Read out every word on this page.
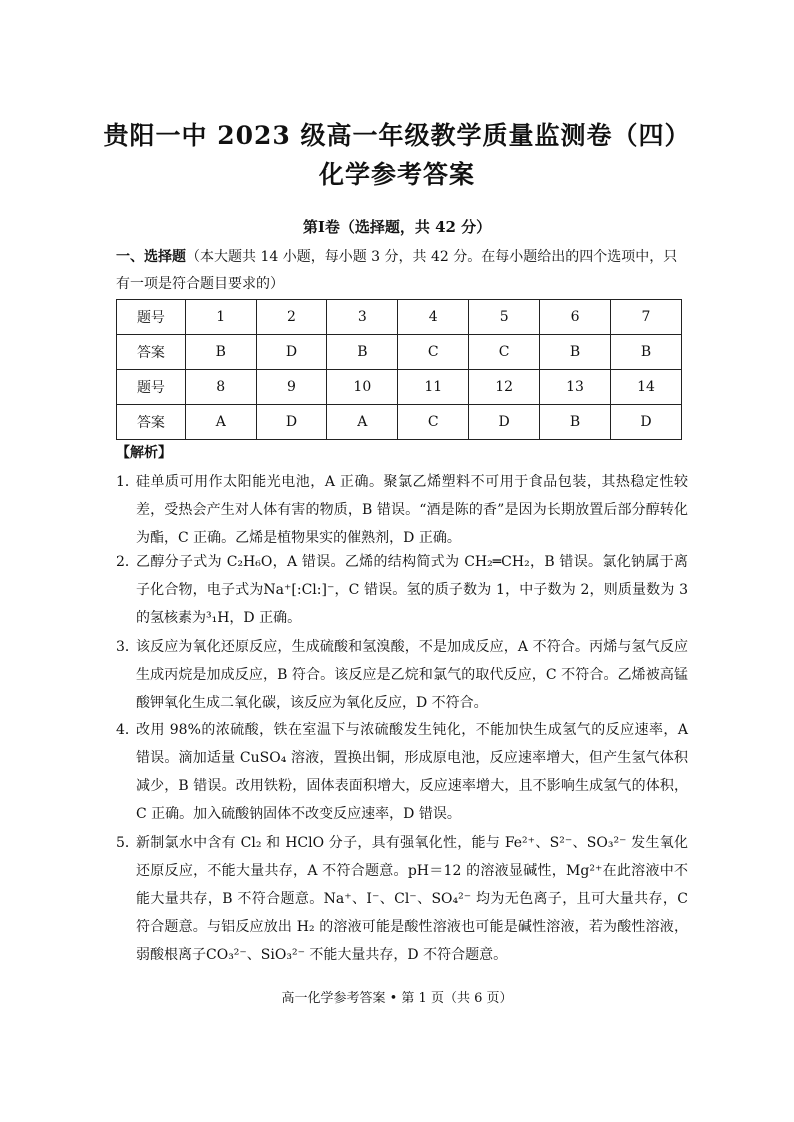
贵阳一中 2023 级高一年级教学质量监测卷（四）
化学参考答案
第Ⅰ卷（选择题，共 42 分）
一、选择题（本大题共 14 小题，每小题 3 分，共 42 分。在每小题给出的四个选项中，只有一项是符合题目要求的）
题号	1	2	3	4	5	6	7
答案	B	D	B	C	C	B	B
题号	8	9	10	11	12	13	14
答案	A	D	A	C	D	B	D
【解析】
1．
硅单质可用作太阳能光电池，A 正确。聚氯乙烯塑料不可用于食品包装，其热稳定性较差，受热会产生对人体有害的物质，B 错误。“酒是陈的香”是因为长期放置后部分醇转化为酯，C 正确。乙烯是植物果实的催熟剂，D 正确。
2．
乙醇分子式为 C₂H₆O，A 错误。乙烯的结构简式为 CH₂═CH₂，B 错误。氯化钠属于离子化合物，电子式为Na⁺[:Cl:]⁻，C 错误。氢的质子数为 1，中子数为 2，则质量数为 3 的氢核素为³₁H，D 正确。
3．
该反应为氧化还原反应，生成硫酸和氢溴酸，不是加成反应，A 不符合。丙烯与氢气反应生成丙烷是加成反应，B 符合。该反应是乙烷和氯气的取代反应，C 不符合。乙烯被高锰酸钾氧化生成二氧化碳，该反应为氧化反应，D 不符合。
4．
改用 98%的浓硫酸，铁在室温下与浓硫酸发生钝化，不能加快生成氢气的反应速率，A 错误。滴加适量 CuSO₄ 溶液，置换出铜，形成原电池，反应速率增大，但产生氢气体积减少，B 错误。改用铁粉，固体表面积增大，反应速率增大，且不影响生成氢气的体积，C 正确。加入硫酸钠固体不改变反应速率，D 错误。
5．
新制氯水中含有 Cl₂ 和 HClO 分子，具有强氧化性，能与 Fe²⁺、S²⁻、SO₃²⁻ 发生氧化还原反应，不能大量共存，A 不符合题意。pH＝12 的溶液显碱性，Mg²⁺在此溶液中不能大量共存，B 不符合题意。Na⁺、I⁻、Cl⁻、SO₄²⁻ 均为无色离子，且可大量共存，C 符合题意。与铝反应放出 H₂ 的溶液可能是酸性溶液也可能是碱性溶液，若为酸性溶液，弱酸根离子CO₃²⁻、SiO₃²⁻ 不能大量共存，D 不符合题意。
高一化学参考答案 • 第 1 页（共 6 页）
